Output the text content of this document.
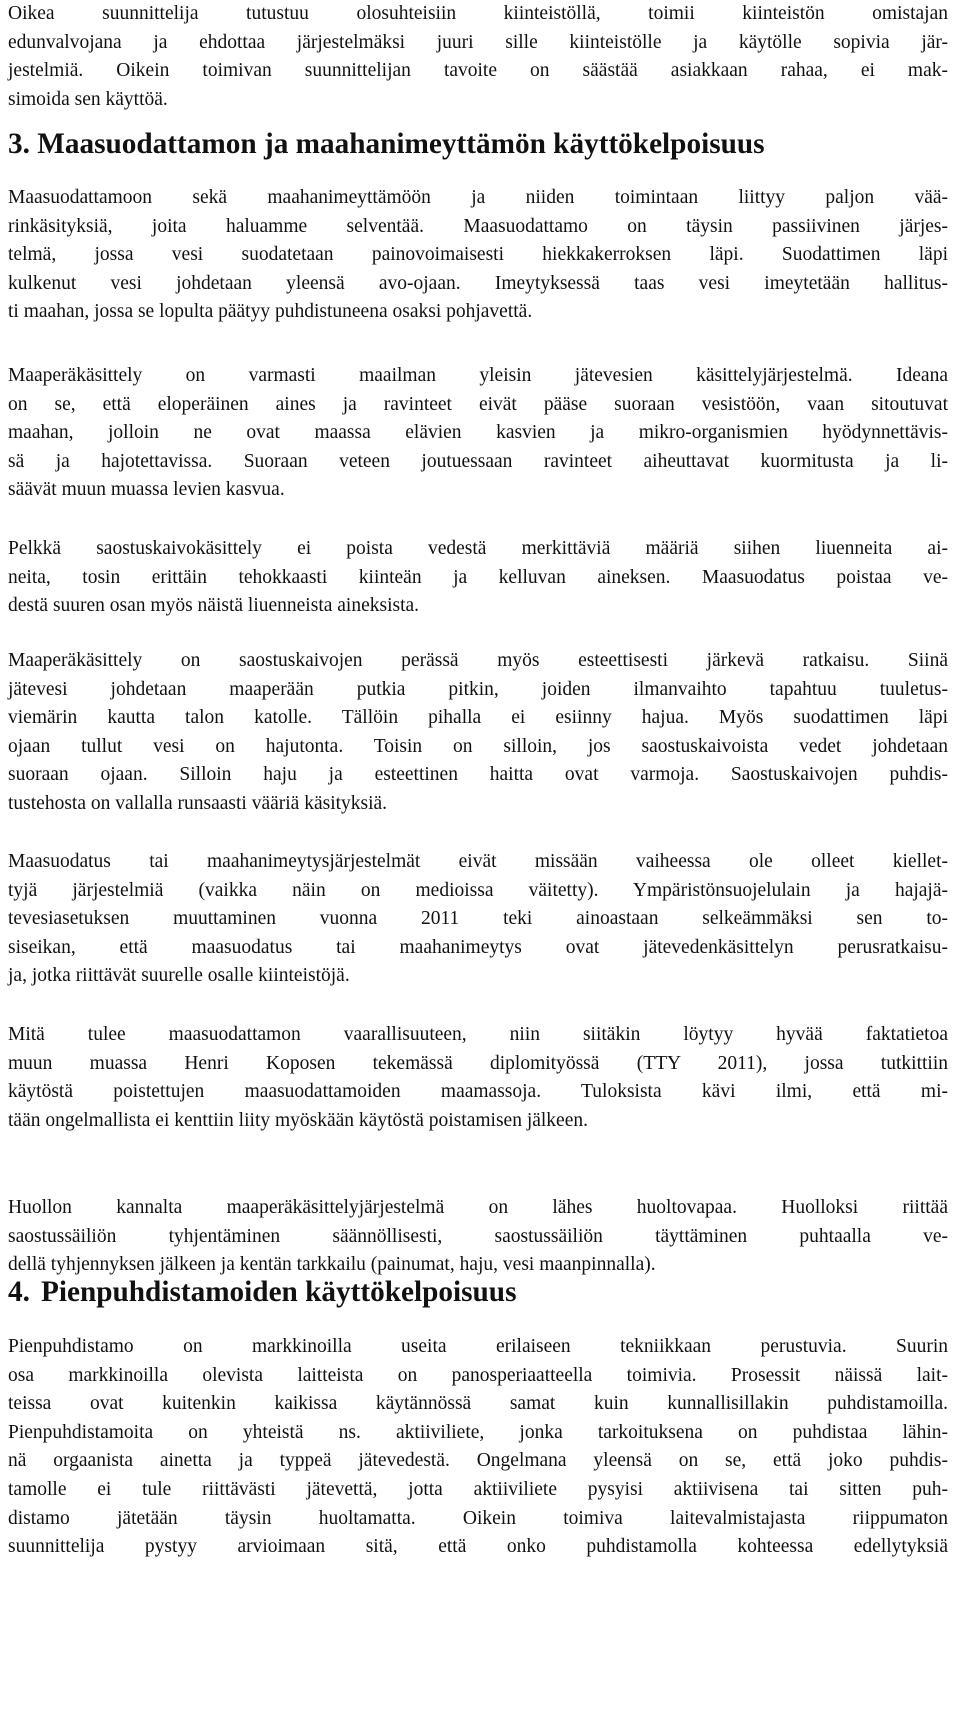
Oikea suunnittelija tutustuu olosuhteisiin kiinteistöllä, toimii kiinteistön omistajan
edunvalvojana ja ehdottaa järjestelmäksi juuri sille kiinteistölle ja käytölle sopivia jär-
jestelmiä. Oikein toimivan suunnittelijan tavoite on säästää asiakkaan rahaa, ei mak-
simoida sen käyttöä.

3. Maasuodattamon ja maahanimeyttämön käyttökelpoisuus

Maasuodattamoon sekä maahanimeyttämöön ja niiden toimintaan liittyy paljon vää-
rinkäsityksiä, joita haluamme selventää. Maasuodattamo on täysin passiivinen järjes-
telmä, jossa vesi suodatetaan painovoimaisesti hiekkakerroksen läpi. Suodattimen läpi
kulkenut vesi johdetaan yleensä avo-ojaan. Imeytyksessä taas vesi imeytetään hallitus-
ti maahan, jossa se lopulta päätyy puhdistuneena osaksi pohjavettä.

Maaperäkäsittely on varmasti maailman yleisin jätevesien käsittelyjärjestelmä. Ideana
on se, että eloperäinen aines ja ravinteet eivät pääse suoraan vesistöön, vaan sitoutuvat
maahan, jolloin ne ovat maassa elävien kasvien ja mikro-organismien hyödynnettävis-
sä ja hajotettavissa. Suoraan veteen joutuessaan ravinteet aiheuttavat kuormitusta ja li-
säävät muun muassa levien kasvua.

Pelkkä saostuskaivokäsittely ei poista vedestä merkittäviä määriä siihen liuenneita ai-
neita, tosin erittäin tehokkaasti kiinteän ja kelluvan aineksen. Maasuodatus poistaa ve-
destä suuren osan myös näistä liuenneista aineksista.

Maaperäkäsittely on saostuskaivojen perässä myös esteettisesti järkevä ratkaisu. Siinä
jätevesi johdetaan maaperään putkia pitkin, joiden ilmanvaihto tapahtuu tuuletus-
viemärin kautta talon katolle. Tällöin pihalla ei esiinny hajua. Myös suodattimen läpi
ojaan tullut vesi on hajutonta. Toisin on silloin, jos saostuskaivoista vedet johdetaan
suoraan ojaan. Silloin haju ja esteettinen haitta ovat varmoja. Saostuskaivojen puhdis-
tustehosta on vallalla runsaasti vääriä käsityksiä.

Maasuodatus tai maahanimeytysjärjestelmät eivät missään vaiheessa ole olleet kiellet-
tyjä järjestelmiä (vaikka näin on medioissa väitetty). Ympäristönsuojelulain ja hajajä-
tevesiasetuksen muuttaminen vuonna 2011 teki ainoastaan selkeämmäksi sen to-
siseikan, että maasuodatus tai maahanimeytys ovat jätevedenkäsittelyn perusratkaisu-
ja, jotka riittävät suurelle osalle kiinteistöjä.

Mitä tulee maasuodattamon vaarallisuuteen, niin siitäkin löytyy hyvää faktatietoa
muun muassa Henri Koposen tekemässä diplomityössä (TTY 2011), jossa tutkittiin
käytöstä poistettujen maasuodattamoiden maamassoja. Tuloksista kävi ilmi, että mi-
tään ongelmallista ei kenttiin liity myöskään käytöstä poistamisen jälkeen.

Huollon kannalta maaperäkäsittelyjärjestelmä on lähes huoltovapaa. Huolloksi riittää
saostussäiliön tyhjentäminen säännöllisesti, saostussäiliön täyttäminen puhtaalla ve-
dellä tyhjennyksen jälkeen ja kentän tarkkailu (painumat, haju, vesi maanpinnalla).

4. Pienpuhdistamoiden käyttökelpoisuus

Pienpuhdistamo on markkinoilla useita erilaiseen tekniikkaan perustuvia. Suurin
osa markkinoilla olevista laitteista on panosperiaatteella toimivia. Prosessit näissä lait-
teissa ovat kuitenkin kaikissa käytännössä samat kuin kunnallisillakin puhdistamoilla.
Pienpuhdistamoita on yhteistä ns. aktiiviliete, jonka tarkoituksena on puhdistaa lähin-
nä orgaanista ainetta ja typpeä jätevedestä. Ongelmana yleensä on se, että joko puhdis-
tamolle ei tule riittävästi jätevettä, jotta aktiiviliete pysyisi aktiivisena tai sitten puh-
distamo jätetään täysin huoltamatta. Oikein toimiva laitevalmistajasta riippumaton
suunnittelija pystyy arvioimaan sitä, että onko puhdistamolla kohteessa edellytyksiä
